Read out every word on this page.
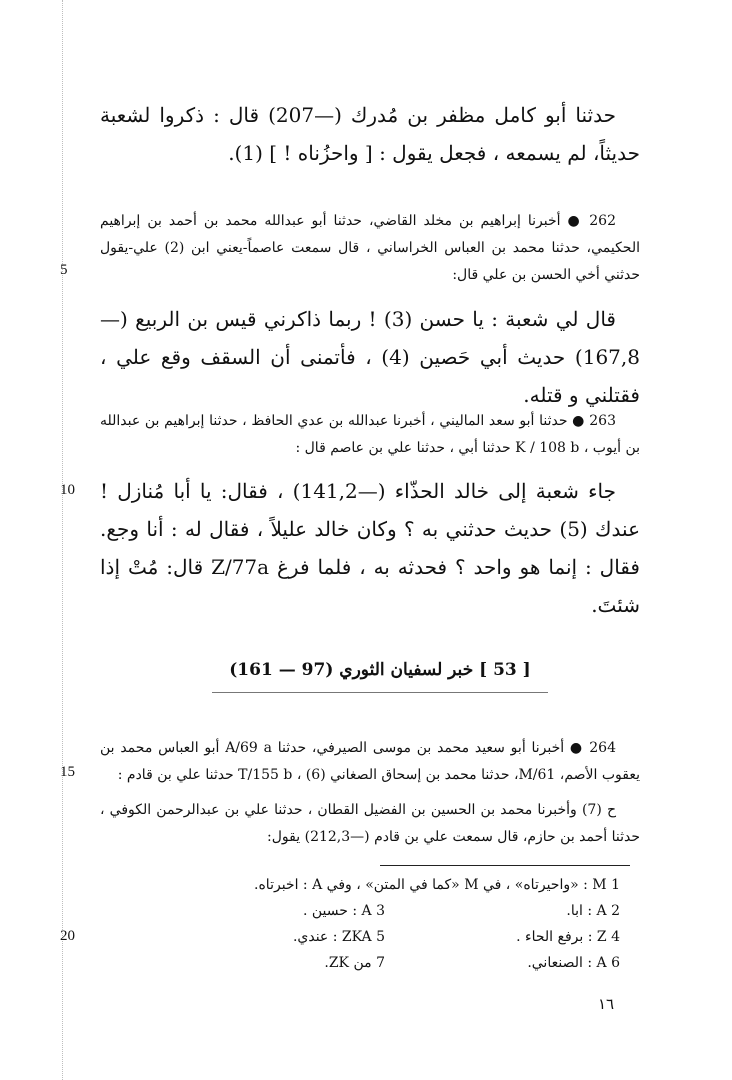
حدثنا أبو كامل مظفر بن مُدرك (—207) قال : ذكروا لشعبة حديثاً، لم يسمعه ، فجعل يقول : [ واحزُناه ! ] (1).
262 ● أخبرنا إبراهيم بن مخلد القاضي، حدثنا أبو عبدالله محمد بن أحمد بن إبراهيم الحكيمي، حدثنا محمد بن العباس الخراساني ، قال سمعت عاصماً-يعني ابن (2) علي-يقول حدثني أخي الحسن بن علي قال:
قال لي شعبة : يا حسن (3) ! ربما ذاكرني قيس بن الربيع (—167,8) حديث أبي حَصين (4) ، فأتمنى أن السقف وقع علي ، فقتلني و قتله.
263 ● حدثنا أبو سعد الماليني ، أخبرنا عبدالله بن عدي الحافظ ، حدثنا إبراهيم بن عبدالله بن أيوب ، K / 108 b حدثنا أبي ، حدثنا علي بن عاصم قال :
جاء شعبة إلى خالد الحذّاء (—141,2) ، فقال: يا أبا مُنازل ! عندك (5) حديث حدثني به ؟ وكان خالد عليلاً ، فقال له : أنا وجع. فقال : إنما هو واحد ؟ فحدثه به ، فلما فرغ Z/77a قال: مُتْ إذا شئتَ.
[ 53 ] خبر لسفيان الثوري (97 — 161)
264 ● أخبرنا أبو سعيد محمد بن موسى الصيرفي، حدثنا A/69 a أبو العباس محمد بن يعقوب الأصم، M/61، حدثنا محمد بن إسحاق الصغاني (6) ، T/155 b حدثنا علي بن قادم :
ح (7) وأخبرنا محمد بن الحسين بن الفضيل القطان ، حدثنا علي بن عبدالرحمن الكوفي ، حدثنا أحمد بن حازم، قال سمعت علي بن قادم (—212,3) يقول:
5
10
15
20
1 M : «واحيرتاه» ، في M «كما في المتن» ، وفي A : اخبرتاه.
2 A : ابا.
3 A : حسين .
4 Z : برفع الحاء .
5 ZKA : عندي.
6 A : الصنعاني.
7 من ZK.
١٦
